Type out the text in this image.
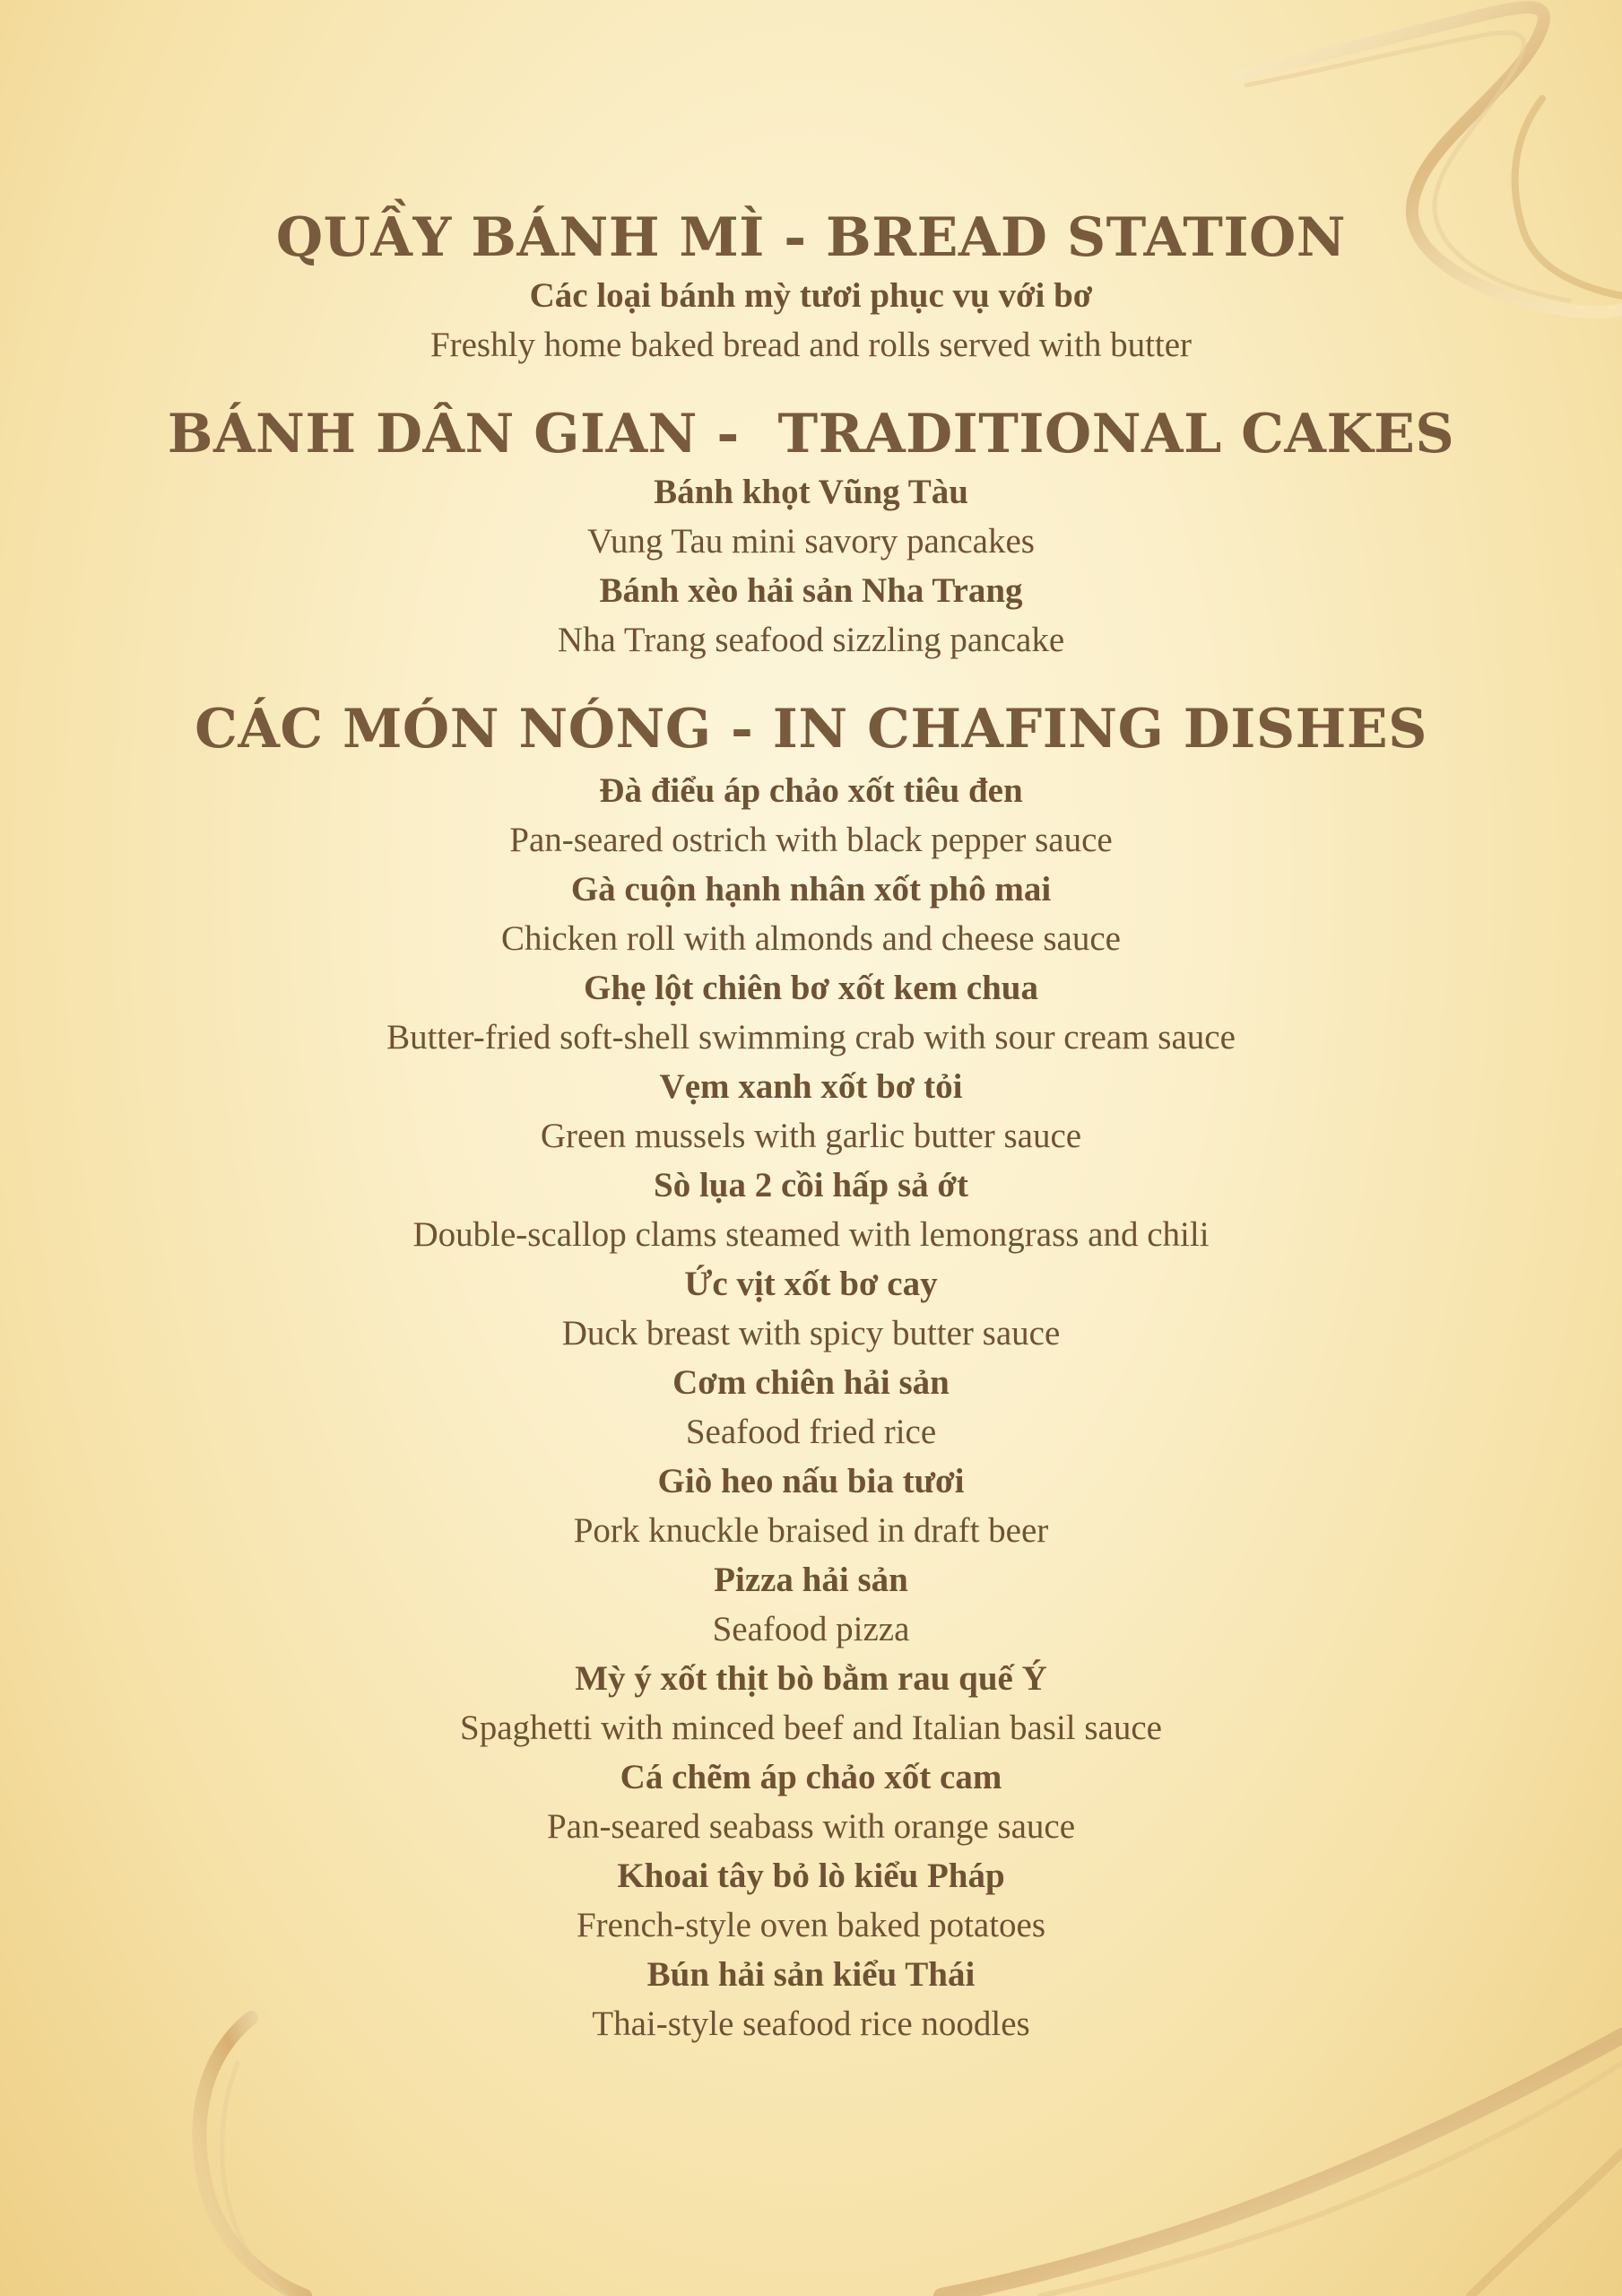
QUẦY BÁNH MÌ - BREAD STATION
Các loại bánh mỳ tươi phục vụ với bơ
Freshly home baked bread and rolls served with butter
BÁNH DÂN GIAN -  TRADITIONAL CAKES
Bánh khọt Vũng Tàu
Vung Tau mini savory pancakes
Bánh xèo hải sản Nha Trang
Nha Trang seafood sizzling pancake
CÁC MÓN NÓNG - IN CHAFING DISHES
Đà điểu áp chảo xốt tiêu đen
Pan-seared ostrich with black pepper sauce
Gà cuộn hạnh nhân xốt phô mai
Chicken roll with almonds and cheese sauce
Ghẹ lột chiên bơ xốt kem chua
Butter-fried soft-shell swimming crab with sour cream sauce
Vẹm xanh xốt bơ tỏi
Green mussels with garlic butter sauce
Sò lụa 2 cồi hấp sả ớt
Double-scallop clams steamed with lemongrass and chili
Ức vịt xốt bơ cay
Duck breast with spicy butter sauce
Cơm chiên hải sản
Seafood fried rice
Giò heo nấu bia tươi
Pork knuckle braised in draft beer
Pizza hải sản
Seafood pizza
Mỳ ý xốt thịt bò bằm rau quế Ý
Spaghetti with minced beef and Italian basil sauce
Cá chẽm áp chảo xốt cam
Pan-seared seabass with orange sauce
Khoai tây bỏ lò kiểu Pháp
French-style oven baked potatoes
Bún hải sản kiểu Thái
Thai-style seafood rice noodles
